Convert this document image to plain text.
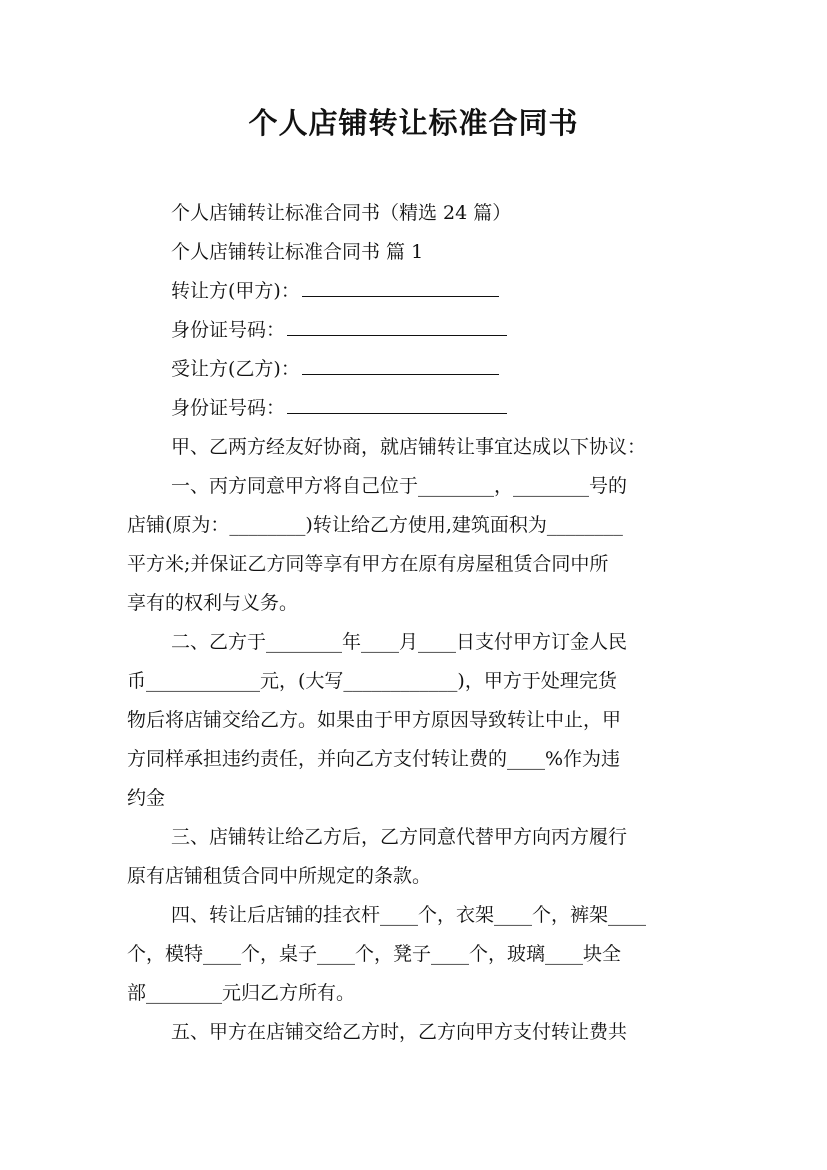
个人店铺转让标准合同书

个人店铺转让标准合同书（精选 24 篇）

个人店铺转让标准合同书 篇 1

转让方(甲方)：

身份证号码：

受让方(乙方)：

身份证号码：

甲、乙两方经友好协商，就店铺转让事宜达成以下协议：

一、丙方同意甲方将自己位于________，________号的

店铺(原为：________)转让给乙方使用,建筑面积为________

平方米;并保证乙方同等享有甲方在原有房屋租赁合同中所

享有的权利与义务。

二、乙方于________年____月____日支付甲方订金人民

币____________元，(大写____________)，甲方于处理完货

物后将店铺交给乙方。如果由于甲方原因导致转让中止，甲

方同样承担违约责任，并向乙方支付转让费的____%作为违

约金

三、店铺转让给乙方后，乙方同意代替甲方向丙方履行

原有店铺租赁合同中所规定的条款。

四、转让后店铺的挂衣杆____个，衣架____个，裤架____

个，模特____个，桌子____个，凳子____个，玻璃____块全

部________元归乙方所有。

五、甲方在店铺交给乙方时，乙方向甲方支付转让费共
